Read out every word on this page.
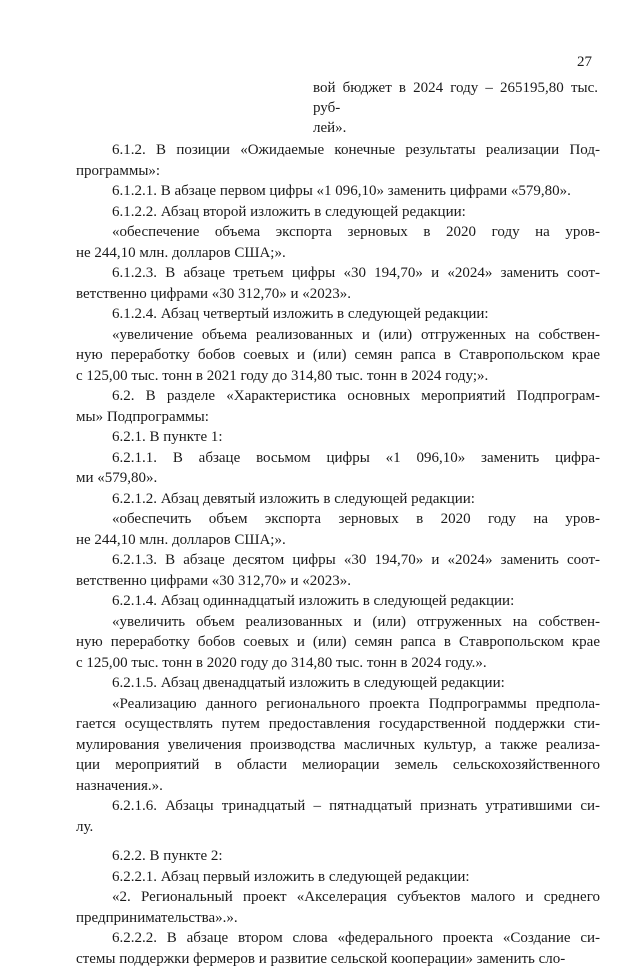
27
вой бюджет в 2024 году – 265195,80 тыс. руб-
лей».
6.1.2. В позиции «Ожидаемые конечные результаты реализации Под-
программы»:
6.1.2.1. В абзаце первом цифры «1 096,10» заменить цифрами «579,80».
6.1.2.2. Абзац второй изложить в следующей редакции:
«обеспечение объема экспорта зерновых в 2020 году на уров-
не 244,10 млн. долларов США;».
6.1.2.3. В абзаце третьем цифры «30 194,70» и «2024» заменить соот-
ветственно цифрами «30 312,70» и «2023».
6.1.2.4. Абзац четвертый изложить в следующей редакции:
«увеличение объема реализованных и (или) отгруженных на собствен-
ную переработку бобов соевых и (или) семян рапса в Ставропольском крае
с 125,00 тыс. тонн в 2021 году до 314,80 тыс. тонн в 2024 году;».
6.2. В разделе «Характеристика основных мероприятий Подпрограм-
мы» Подпрограммы:
6.2.1. В пункте 1:
6.2.1.1. В абзаце восьмом цифры «1 096,10» заменить цифра-
ми «579,80».
6.2.1.2. Абзац девятый изложить в следующей редакции:
«обеспечить объем экспорта зерновых в 2020 году на уров-
не 244,10 млн. долларов США;».
6.2.1.3. В абзаце десятом цифры «30 194,70» и «2024» заменить соот-
ветственно цифрами «30 312,70» и «2023».
6.2.1.4. Абзац одиннадцатый изложить в следующей редакции:
«увеличить объем реализованных и (или) отгруженных на собствен-
ную переработку бобов соевых и (или) семян рапса в Ставропольском крае
с 125,00 тыс. тонн в 2020 году до 314,80 тыс. тонн в 2024 году.».
6.2.1.5. Абзац двенадцатый изложить в следующей редакции:
«Реализацию данного регионального проекта Подпрограммы предпола-
гается осуществлять путем предоставления государственной поддержки сти-
мулирования увеличения производства масличных культур, а также реализа-
ции мероприятий в области мелиорации земель сельскохозяйственного
назначения.».
6.2.1.6. Абзацы тринадцатый – пятнадцатый признать утратившими си-
лу.
6.2.2. В пункте 2:
6.2.2.1. Абзац первый изложить в следующей редакции:
«2. Региональный проект «Акселерация субъектов малого и среднего
предпринимательства».».
6.2.2.2. В абзаце втором слова «федерального проекта «Создание си-
стемы поддержки фермеров и развитие сельской кооперации» заменить сло-
